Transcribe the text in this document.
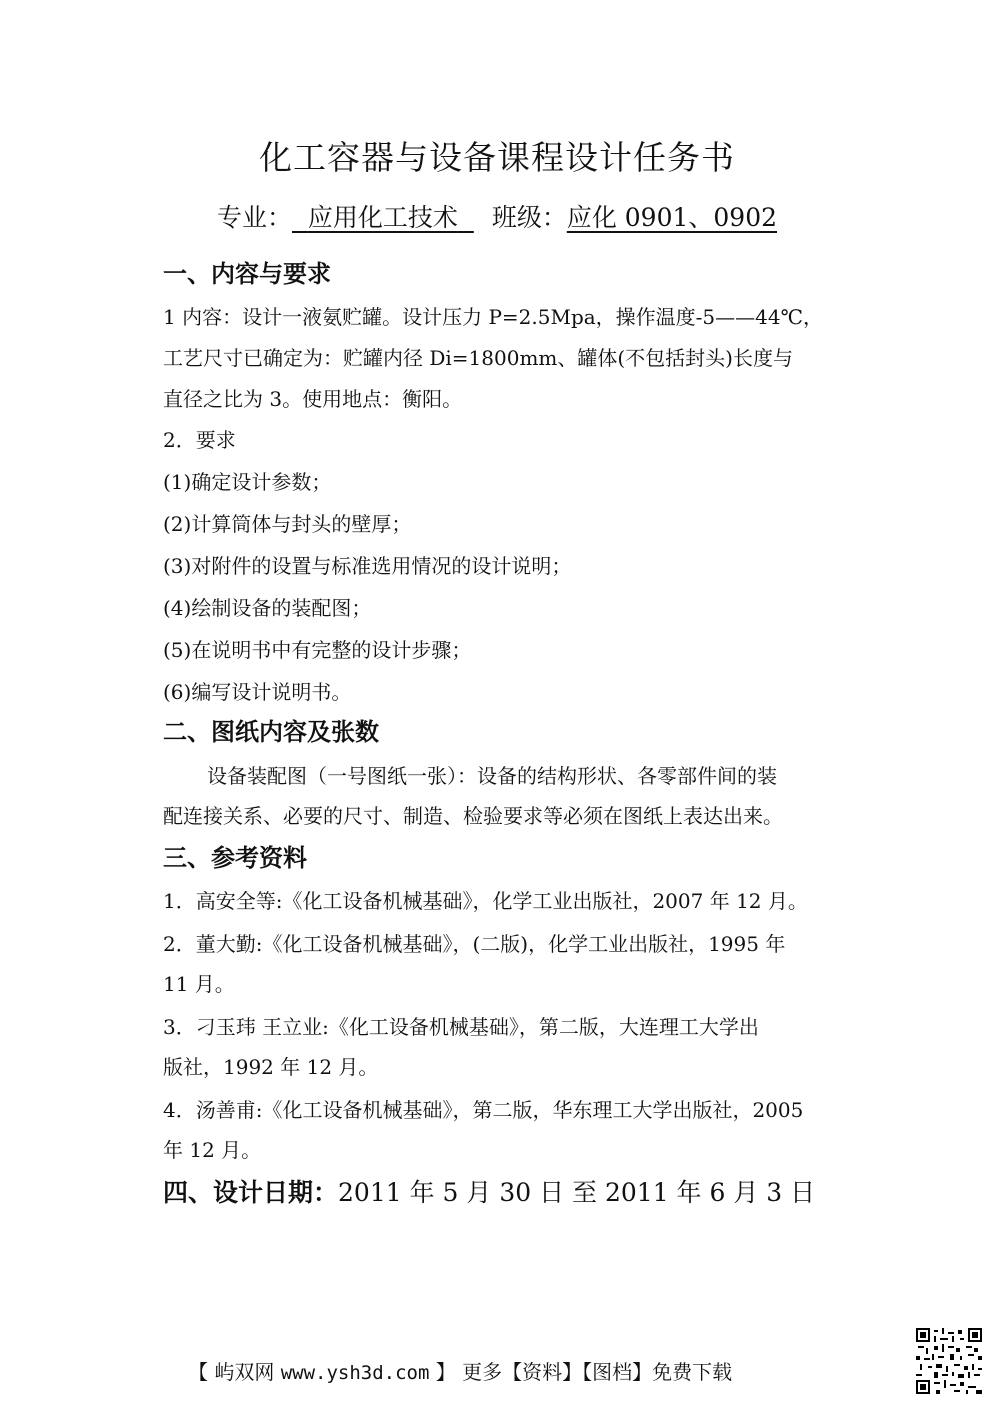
化工容器与设备课程设计任务书
专业： 应用化工技术 班级：应化 0901、0902
一、内容与要求
1 内容：设计一液氨贮罐。设计压力 P=2.5Mpa，操作温度-5——44℃，
工艺尺寸已确定为：贮罐内径 Di=1800mm、罐体(不包括封头)长度与
直径之比为 3。使用地点：衡阳。
2．要求
(1)确定设计参数；
(2)计算筒体与封头的壁厚；
(3)对附件的设置与标准选用情况的设计说明；
(4)绘制设备的装配图；
(5)在说明书中有完整的设计步骤；
(6)编写设计说明书。
二、图纸内容及张数
设备装配图（一号图纸一张）：设备的结构形状、各零部件间的装
配连接关系、必要的尺寸、制造、检验要求等必须在图纸上表达出来。
三、参考资料
1．高安全等:《化工设备机械基础》，化学工业出版社，2007 年 12 月。
2．董大勤:《化工设备机械基础》，(二版)，化学工业出版社，1995 年
11 月。
3．刁玉玮 王立业:《化工设备机械基础》，第二版，大连理工大学出
版社，1992 年 12 月。
4．汤善甫:《化工设备机械基础》，第二版，华东理工大学出版社，2005
年 12 月。
四、设计日期：2011 年 5 月 30 日 至 2011 年 6 月 3 日
【 屿双网 www.ysh3d.com 】 更多【资料】【图档】免费下载
